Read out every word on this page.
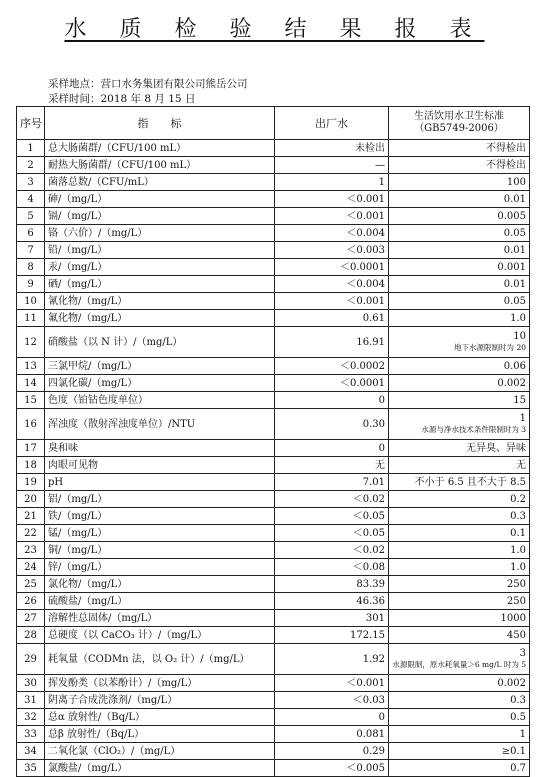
水 质 检 验 结 果 报 表
采样地点：营口水务集团有限公司熊岳公司
采样时间：2018 年 8 月 15 日
序号	指　　标	出厂水	生活饮用水卫生标准
（GB5749-2006）

1	总大肠菌群/（CFU/100 mL）	未检出	不得检出
2	耐热大肠菌群/（CFU/100 mL）	—	不得检出
3	菌落总数/（CFU/mL）	1	100
4	砷/（mg/L）	＜0.001	0.01
5	镉/（mg/L）	＜0.001	0.005
6	铬（六价）/（mg/L）	＜0.004	0.05
7	铅/（mg/L）	＜0.003	0.01
8	汞/（mg/L）	＜0.0001	0.001
9	硒/（mg/L）	＜0.004	0.01
10	氰化物/（mg/L）	＜0.001	0.05
11	氟化物/（mg/L）	0.61	1.0
12	硝酸盐（以 N 计）/（mg/L）	16.91	10
地下水源限制时为 20

13	三氯甲烷/（mg/L）	＜0.0002	0.06
14	四氯化碳/（mg/L）	＜0.0001	0.002
15	色度（铂钴色度单位）	0	15
16	浑浊度（散射浑浊度单位）/NTU	0.30	1
水源与净水技术条件限制时为 3

17	臭和味	0	无异臭、异味
18	肉眼可见物	无	无
19	pH	7.01	不小于 6.5 且不大于 8.5
20	铝/（mg/L）	＜0.02	0.2
21	铁/（mg/L）	＜0.05	0.3
22	锰/（mg/L）	＜0.05	0.1
23	铜/（mg/L）	＜0.02	1.0
24	锌/（mg/L）	＜0.08	1.0
25	氯化物/（mg/L）	83.39	250
26	硫酸盐/（mg/L）	46.36	250
27	溶解性总固体/（mg/L）	301	1000
28	总硬度（以 CaCO₃ 计）/（mg/L）	172.15	450
29	耗氧量（CODMn 法，以 O₂ 计）/（mg/L）	1.92	3
水源限制，原水耗氧量＞6 mg/L 时为 5

30	挥发酚类（以苯酚计）/（mg/L）	＜0.001	0.002
31	阴离子合成洗涤剂/（mg/L）	＜0.03	0.3
32	总α 放射性/（Bq/L）	0	0.5
33	总β 放射性/（Bq/L）	0.081	1
34	二氧化氯（ClO₂）/（mg/L）	0.29	≥0.1
35	氯酸盐/（mg/L）	＜0.005	0.7
